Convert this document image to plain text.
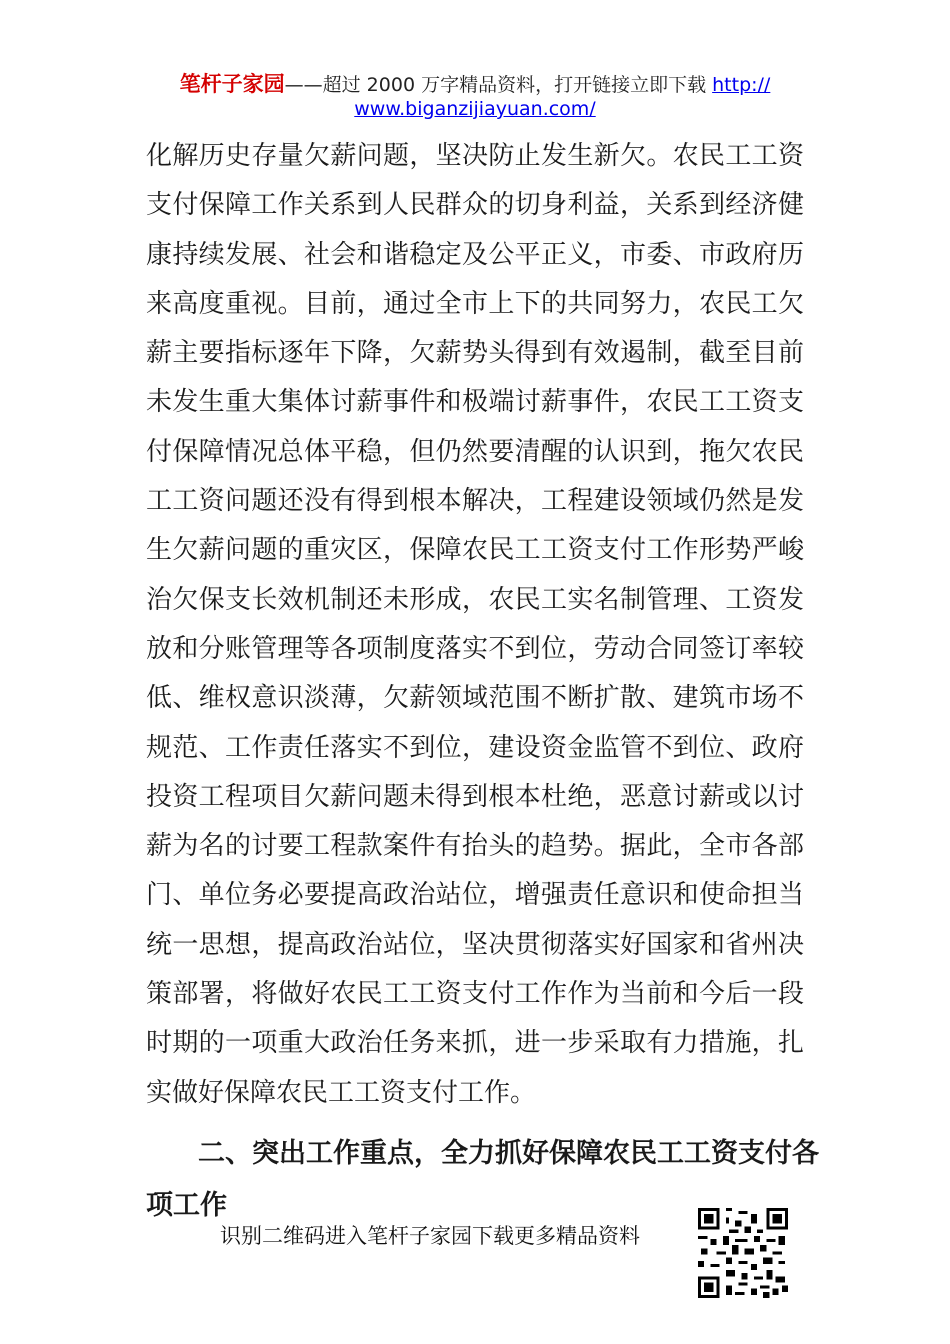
笔杆子家园——超过 2000 万字精品资料，打开链接立即下载 http://
www.biganzijiayuan.com/
化解历史存量欠薪问题，坚决防止发生新欠。农民工工资
支付保障工作关系到人民群众的切身利益，关系到经济健
康持续发展、社会和谐稳定及公平正义，市委、市政府历
来高度重视。目前，通过全市上下的共同努力，农民工欠
薪主要指标逐年下降，欠薪势头得到有效遏制，截至目前
未发生重大集体讨薪事件和极端讨薪事件，农民工工资支
付保障情况总体平稳，但仍然要清醒的认识到，拖欠农民
工工资问题还没有得到根本解决，工程建设领域仍然是发
生欠薪问题的重灾区，保障农民工工资支付工作形势严峻
治欠保支长效机制还未形成，农民工实名制管理、工资发
放和分账管理等各项制度落实不到位，劳动合同签订率较
低、维权意识淡薄，欠薪领域范围不断扩散、建筑市场不
规范、工作责任落实不到位，建设资金监管不到位、政府
投资工程项目欠薪问题未得到根本杜绝，恶意讨薪或以讨
薪为名的讨要工程款案件有抬头的趋势。据此，全市各部
门、单位务必要提高政治站位，增强责任意识和使命担当
统一思想，提高政治站位，坚决贯彻落实好国家和省州决
策部署，将做好农民工工资支付工作作为当前和今后一段
时期的一项重大政治任务来抓，进一步采取有力措施，扎
实做好保障农民工工资支付工作。
二、突出工作重点，全力抓好保障农民工工资支付各
项工作
识别二维码进入笔杆子家园下载更多精品资料
